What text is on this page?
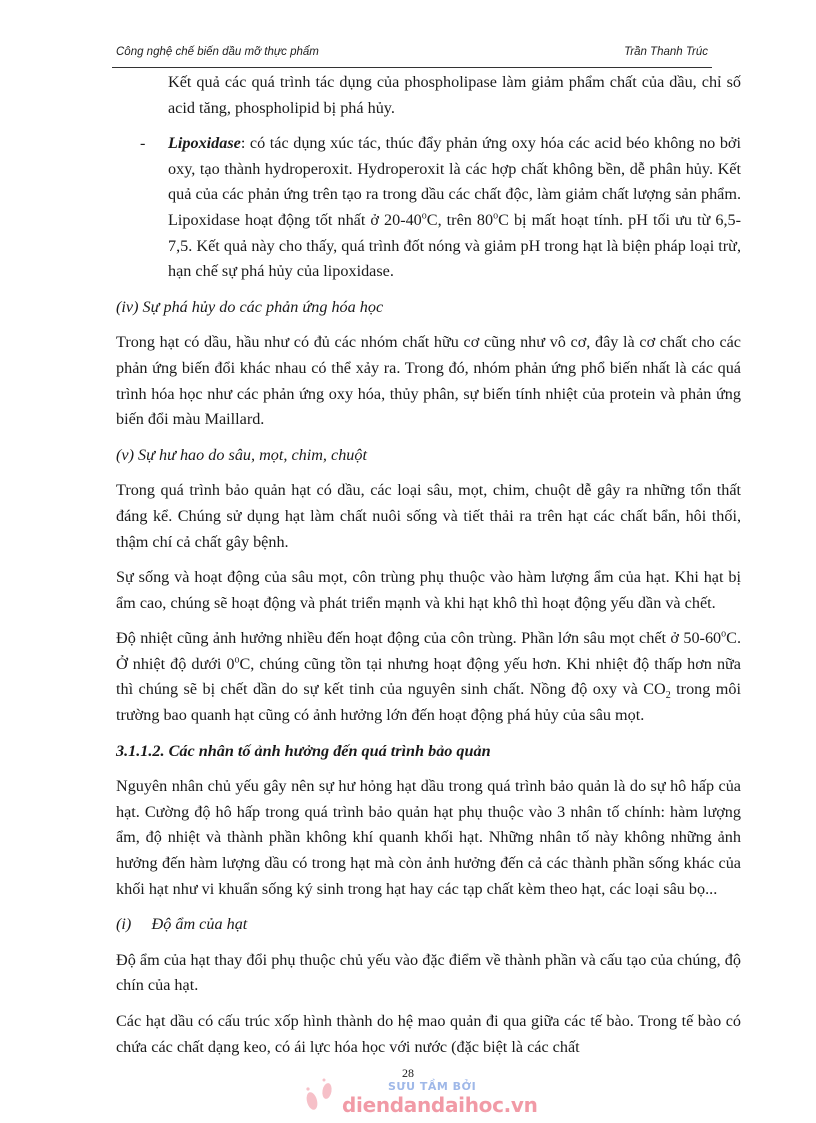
Công nghệ chế biến dầu mỡ thực phẩm	Trần Thanh Trúc

Kết quả các quá trình tác dụng của phospholipase làm giảm phẩm chất của dầu, chỉ số acid tăng, phospholipid bị phá hủy.

- Lipoxidase: có tác dụng xúc tác, thúc đẩy phản ứng oxy hóa các acid béo không no bởi oxy, tạo thành hydroperoxit. Hydroperoxit là các hợp chất không bền, dễ phân hủy. Kết quả của các phản ứng trên tạo ra trong dầu các chất độc, làm giảm chất lượng sản phẩm. Lipoxidase hoạt động tốt nhất ở 20-40$^o$C, trên 80$^o$C bị mất hoạt tính. pH tối ưu từ 6,5- 7,5. Kết quả này cho thấy, quá trình đốt nóng và giảm pH trong hạt là biện pháp loại trừ, hạn chế sự phá hủy của lipoxidase.

(iv) Sự phá hủy do các phản ứng hóa học

Trong hạt có dầu, hầu như có đủ các nhóm chất hữu cơ cũng như vô cơ, đây là cơ chất cho các phản ứng biến đổi khác nhau có thể xảy ra. Trong đó, nhóm phản ứng phổ biến nhất là các quá trình hóa học như các phản ứng oxy hóa, thủy phân, sự biến tính nhiệt của protein và phản ứng biến đổi màu Maillard.

(v) Sự hư hao do sâu, mọt, chim, chuột

Trong quá trình bảo quản hạt có dầu, các loại sâu, mọt, chim, chuột dễ gây ra những tổn thất đáng kể. Chúng sử dụng hạt làm chất nuôi sống và tiết thải ra trên hạt các chất bẩn, hôi thối, thậm chí cả chất gây bệnh.

Sự sống và hoạt động của sâu mọt, côn trùng phụ thuộc vào hàm lượng ẩm của hạt. Khi hạt bị ẩm cao, chúng sẽ hoạt động và phát triển mạnh và khi hạt khô thì hoạt động yếu dần và chết.

Độ nhiệt cũng ảnh hưởng nhiều đến hoạt động của côn trùng. Phần lớn sâu mọt chết ở 50-60$^o$C. Ở nhiệt độ dưới 0$^o$C, chúng cũng tồn tại nhưng hoạt động yếu hơn. Khi nhiệt độ thấp hơn nữa thì chúng sẽ bị chết dần do sự kết tinh của nguyên sinh chất. Nồng độ oxy và $CO_2$ trong môi trường bao quanh hạt cũng có ảnh hưởng lớn đến hoạt động phá hủy của sâu mọt.

3.1.1.2. Các nhân tố ảnh hưởng đến quá trình bảo quản

Nguyên nhân chủ yếu gây nên sự hư hỏng hạt dầu trong quá trình bảo quản là do sự hô hấp của hạt. Cường độ hô hấp trong quá trình bảo quản hạt phụ thuộc vào 3 nhân tố chính: hàm lượng ẩm, độ nhiệt và thành phần không khí quanh khối hạt. Những nhân tố này không những ảnh hưởng đến hàm lượng dầu có trong hạt mà còn ảnh hưởng đến cả các thành phần sống khác của khối hạt như vi khuẩn sống ký sinh trong hạt hay các tạp chất kèm theo hạt, các loại sâu bọ...

(i) Độ ẩm của hạt

Độ ẩm của hạt thay đổi phụ thuộc chủ yếu vào đặc điểm về thành phần và cấu tạo của chúng, độ chín của hạt.

Các hạt dầu có cấu trúc xốp hình thành do hệ mao quản đi qua giữa các tế bào. Trong tế bào có chứa các chất dạng keo, có ái lực hóa học với nước (đặc biệt là các chất

28
SƯU TẦM BỞI
diendandaihoc.vn
